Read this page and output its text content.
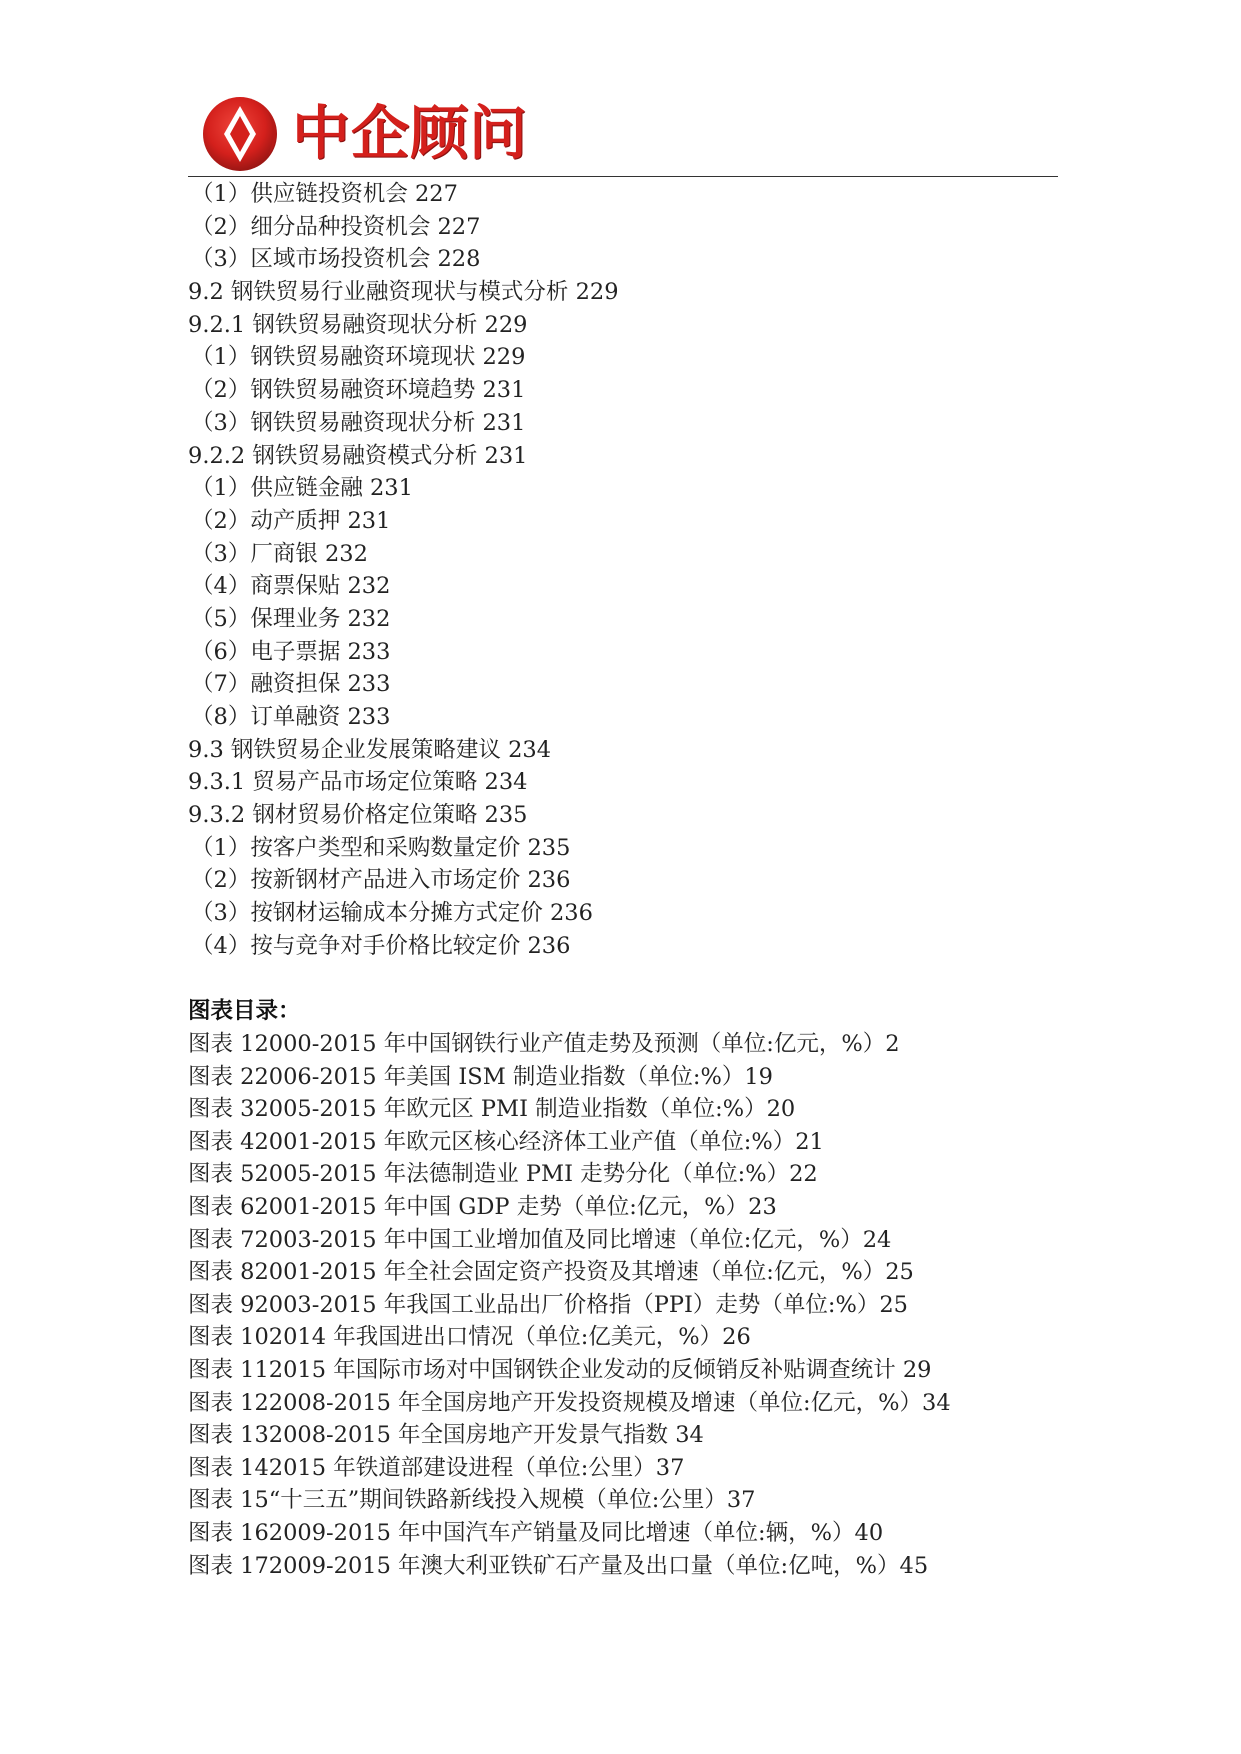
中企顾问
（1）供应链投资机会 227
（2）细分品种投资机会 227
（3）区域市场投资机会 228
9.2 钢铁贸易行业融资现状与模式分析 229
9.2.1 钢铁贸易融资现状分析 229
（1）钢铁贸易融资环境现状 229
（2）钢铁贸易融资环境趋势 231
（3）钢铁贸易融资现状分析 231
9.2.2 钢铁贸易融资模式分析 231
（1）供应链金融 231
（2）动产质押 231
（3）厂商银 232
（4）商票保贴 232
（5）保理业务 232
（6）电子票据 233
（7）融资担保 233
（8）订单融资 233
9.3 钢铁贸易企业发展策略建议 234
9.3.1 贸易产品市场定位策略 234
9.3.2 钢材贸易价格定位策略 235
（1）按客户类型和采购数量定价 235
（2）按新钢材产品进入市场定价 236
（3）按钢材运输成本分摊方式定价 236
（4）按与竞争对手价格比较定价 236
图表目录：
图表 12000-2015 年中国钢铁行业产值走势及预测（单位:亿元，%）2
图表 22006-2015 年美国 ISM 制造业指数（单位:%）19
图表 32005-2015 年欧元区 PMI 制造业指数（单位:%）20
图表 42001-2015 年欧元区核心经济体工业产值（单位:%）21
图表 52005-2015 年法德制造业 PMI 走势分化（单位:%）22
图表 62001-2015 年中国 GDP 走势（单位:亿元，%）23
图表 72003-2015 年中国工业增加值及同比增速（单位:亿元，%）24
图表 82001-2015 年全社会固定资产投资及其增速（单位:亿元，%）25
图表 92003-2015 年我国工业品出厂价格指（PPI）走势（单位:%）25
图表 102014 年我国进出口情况（单位:亿美元，%）26
图表 112015 年国际市场对中国钢铁企业发动的反倾销反补贴调查统计 29
图表 122008-2015 年全国房地产开发投资规模及增速（单位:亿元，%）34
图表 132008-2015 年全国房地产开发景气指数 34
图表 142015 年铁道部建设进程（单位:公里）37
图表 15“十三五”期间铁路新线投入规模（单位:公里）37
图表 162009-2015 年中国汽车产销量及同比增速（单位:辆，%）40
图表 172009-2015 年澳大利亚铁矿石产量及出口量（单位:亿吨，%）45
